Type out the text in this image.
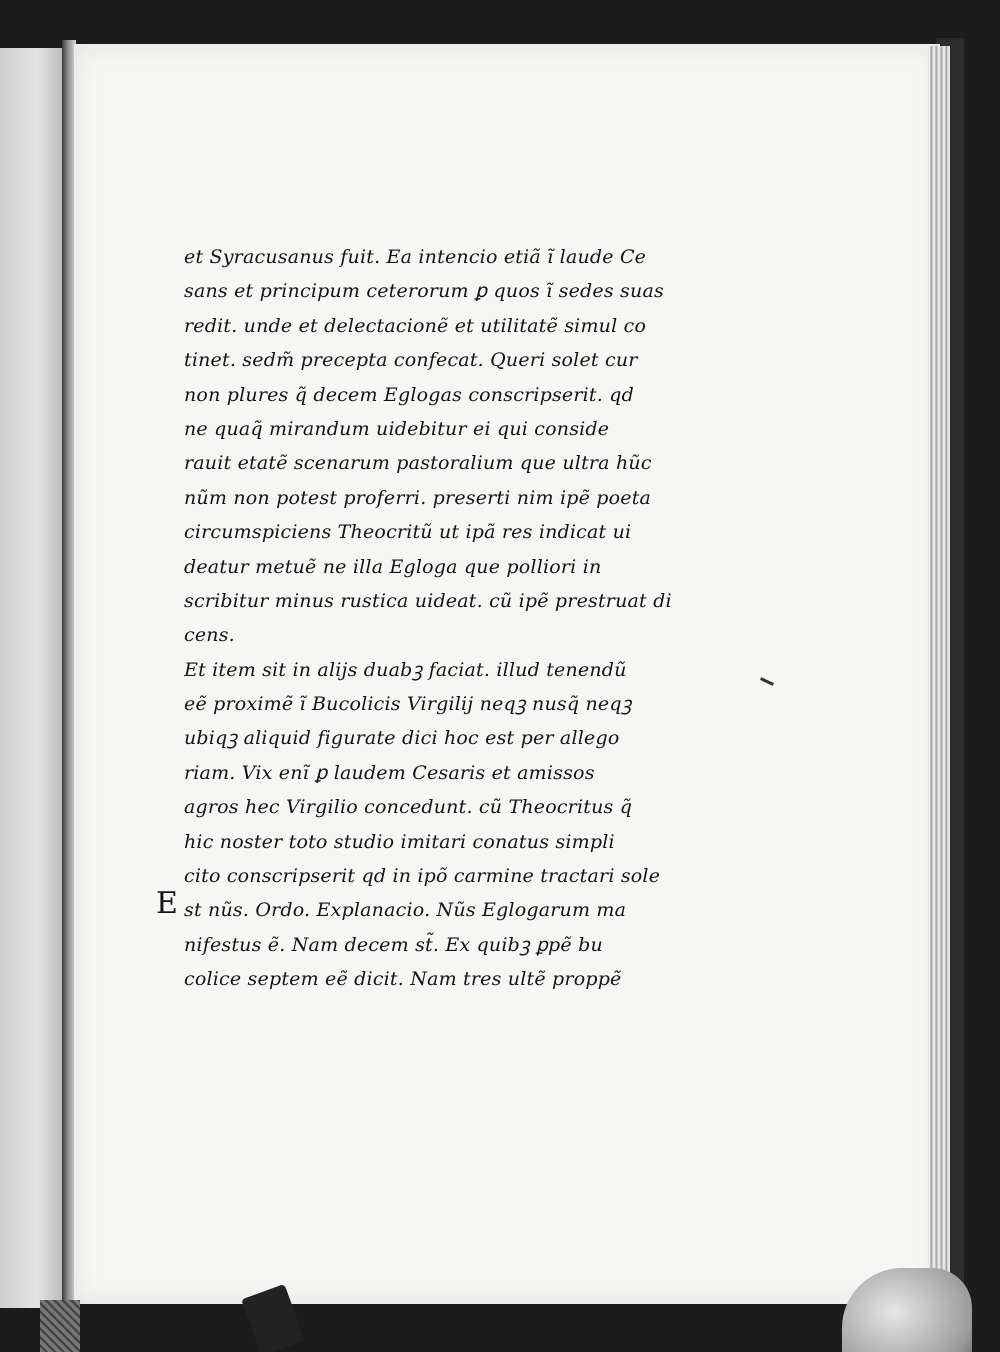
et Syracusanus fuit. Ea intencio etiã ĩ laude Ce
sans et principum ceterorum ꝑ quos ĩ sedes suas
redit. unde et delectacionẽ et utilitatẽ simul co
tinet. sedm̃ precepta confecat. Queri solet cur
non plures q̃ decem Eglogas conscripserit. qd
ne quaq̃ mirandum uidebitur ei qui conside
rauit etatẽ scenarum pastoralium que ultra hũc
nũm non potest proferri. preserti nim ipẽ poeta
circumspiciens Theocritũ ut ipã res indicat ui
deatur metuẽ ne illa Egloga que polliori in
scribitur minus rustica uideat. cũ ipẽ prestruat di
cens.
Et item sit in alijs duabꝫ faciat. illud tenendũ
eẽ proximẽ ĩ Bucolicis Virgilij neqꝫ nusq̃ neqꝫ
ubiqꝫ aliquid figurate dici hoc est per allego
riam. Vix enĩ ꝑ laudem Cesaris et amissos
agros hec Virgilio concedunt. cũ Theocritus q̃
hic noster toto studio imitari conatus simpli
cito conscripserit qd in ipõ carmine tractari sole
st nũs. Ordo. Explanacio. Nũs Eglogarum ma
nifestus ẽ. Nam decem st̃. Ex quibꝫ ꝑpẽ bu
colice septem eẽ dicit. Nam tres ultẽ proppẽ
E
